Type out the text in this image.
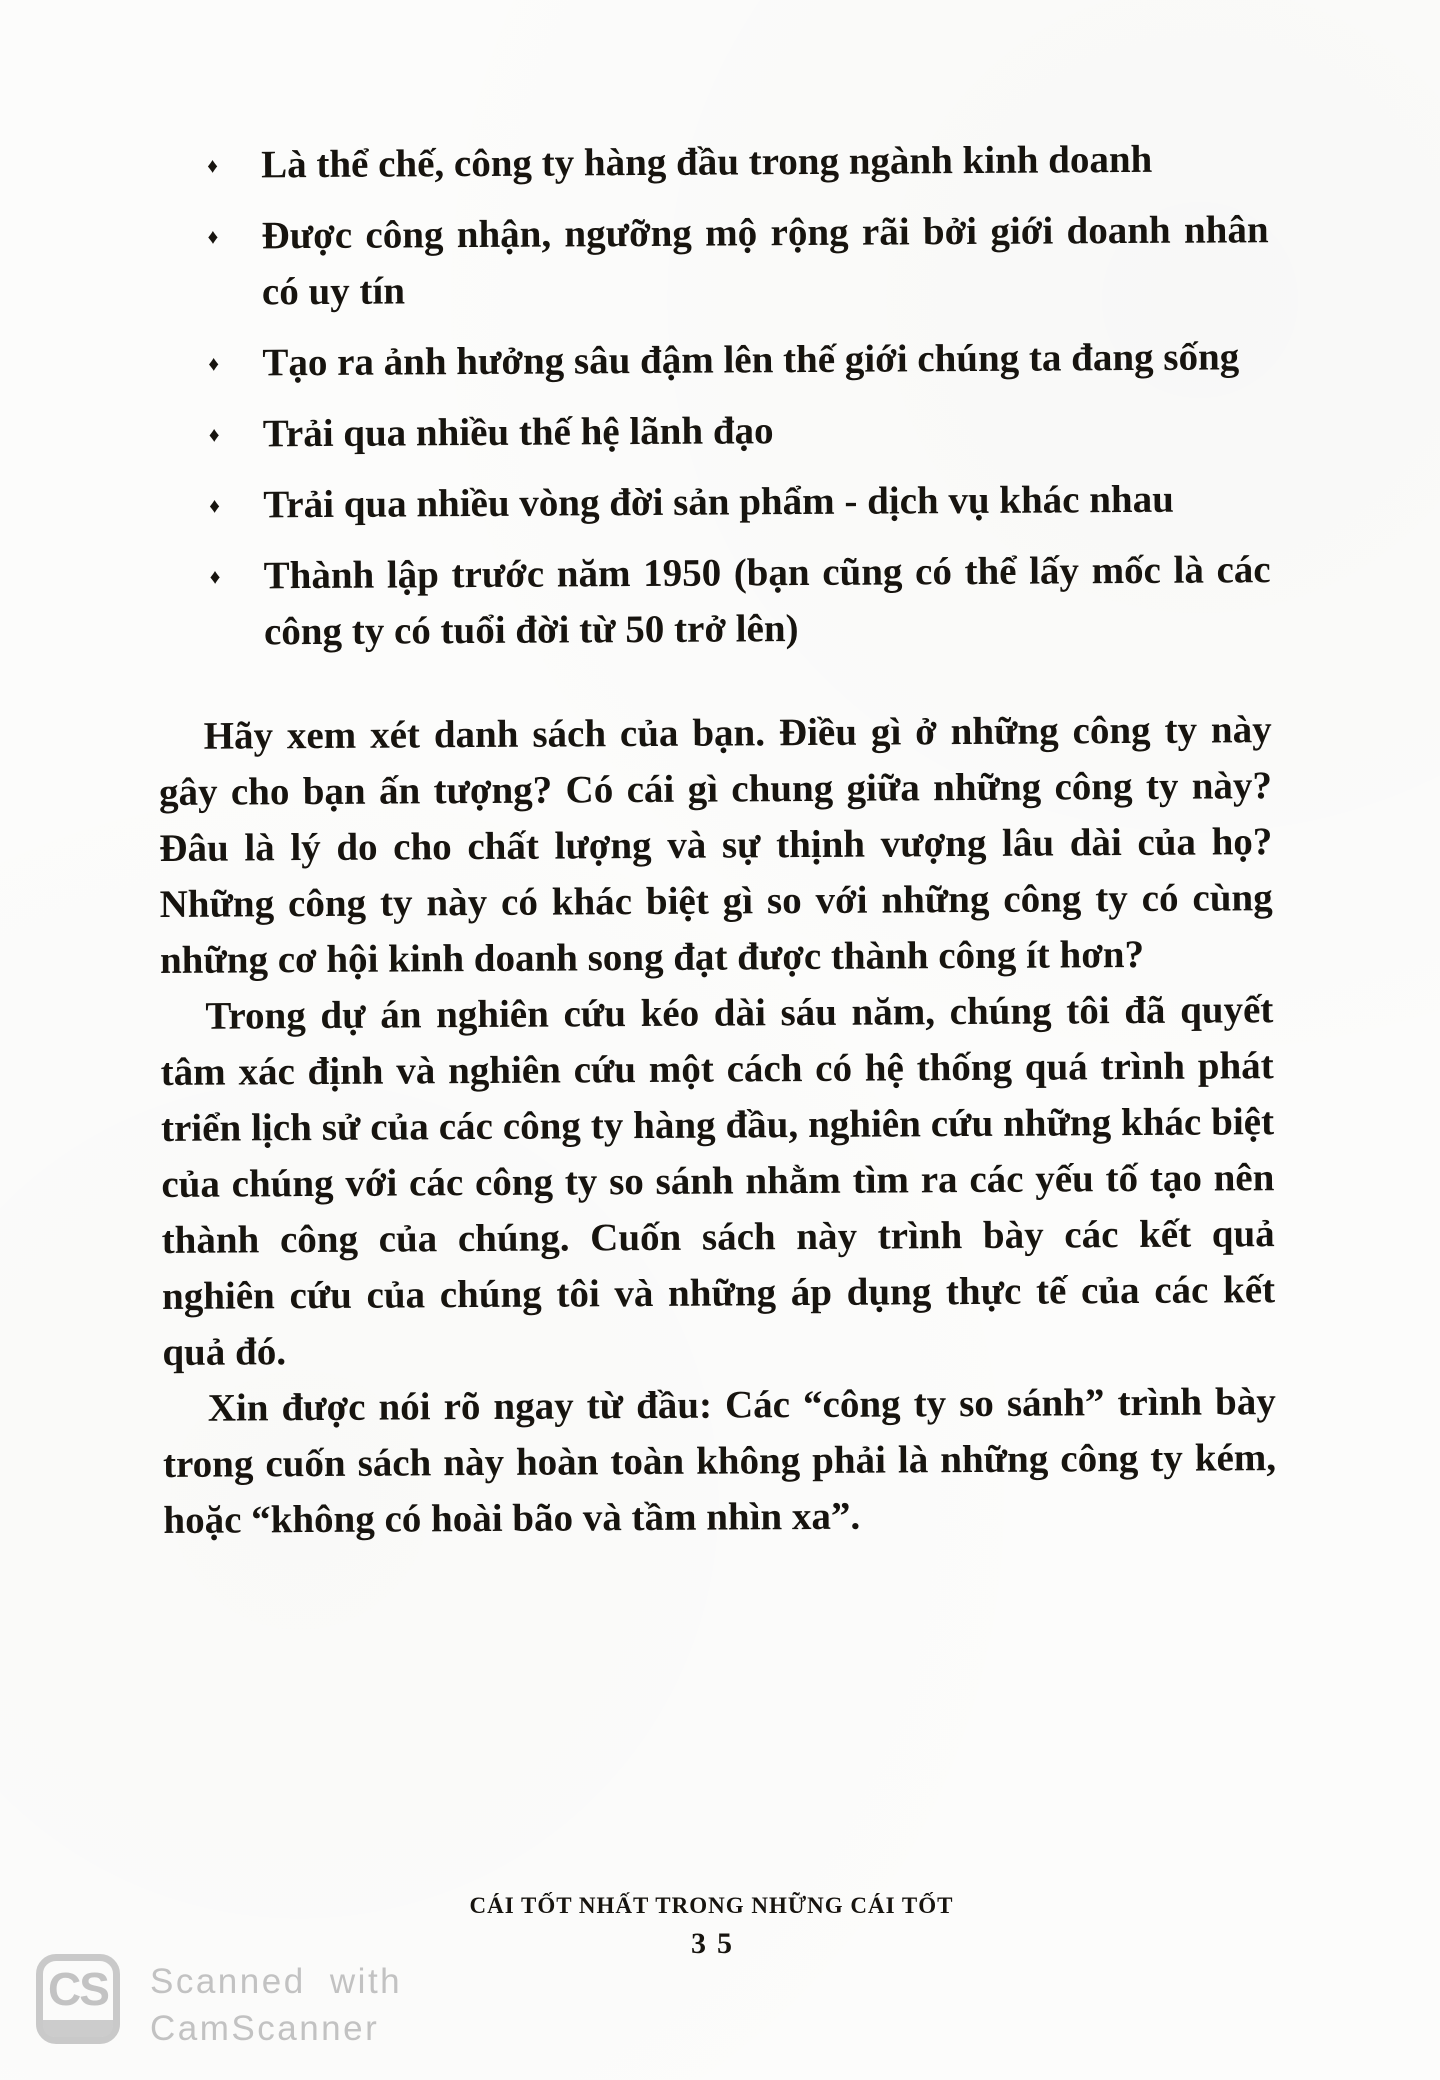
♦ Là thể chế, công ty hàng đầu trong ngành kinh doanh
♦ Được công nhận, ngưỡng mộ rộng rãi bởi giới doanh nhân có uy tín
♦ Tạo ra ảnh hưởng sâu đậm lên thế giới chúng ta đang sống
♦ Trải qua nhiều thế hệ lãnh đạo
♦ Trải qua nhiều vòng đời sản phẩm - dịch vụ khác nhau
♦ Thành lập trước năm 1950 (bạn cũng có thể lấy mốc là các công ty có tuổi đời từ 50 trở lên)

Hãy xem xét danh sách của bạn. Điều gì ở những công ty này gây cho bạn ấn tượng? Có cái gì chung giữa những công ty này? Đâu là lý do cho chất lượng và sự thịnh vượng lâu dài của họ? Những công ty này có khác biệt gì so với những công ty có cùng những cơ hội kinh doanh song đạt được thành công ít hơn?

Trong dự án nghiên cứu kéo dài sáu năm, chúng tôi đã quyết tâm xác định và nghiên cứu một cách có hệ thống quá trình phát triển lịch sử của các công ty hàng đầu, nghiên cứu những khác biệt của chúng với các công ty so sánh nhằm tìm ra các yếu tố tạo nên thành công của chúng. Cuốn sách này trình bày các kết quả nghiên cứu của chúng tôi và những áp dụng thực tế của các kết quả đó.

Xin được nói rõ ngay từ đầu: Các “công ty so sánh” trình bày trong cuốn sách này hoàn toàn không phải là những công ty kém, hoặc “không có hoài bão và tầm nhìn xa”.

CÁI TỐT NHẤT TRONG NHỮNG CÁI TỐT
35
CS Scanned with
CamScanner
